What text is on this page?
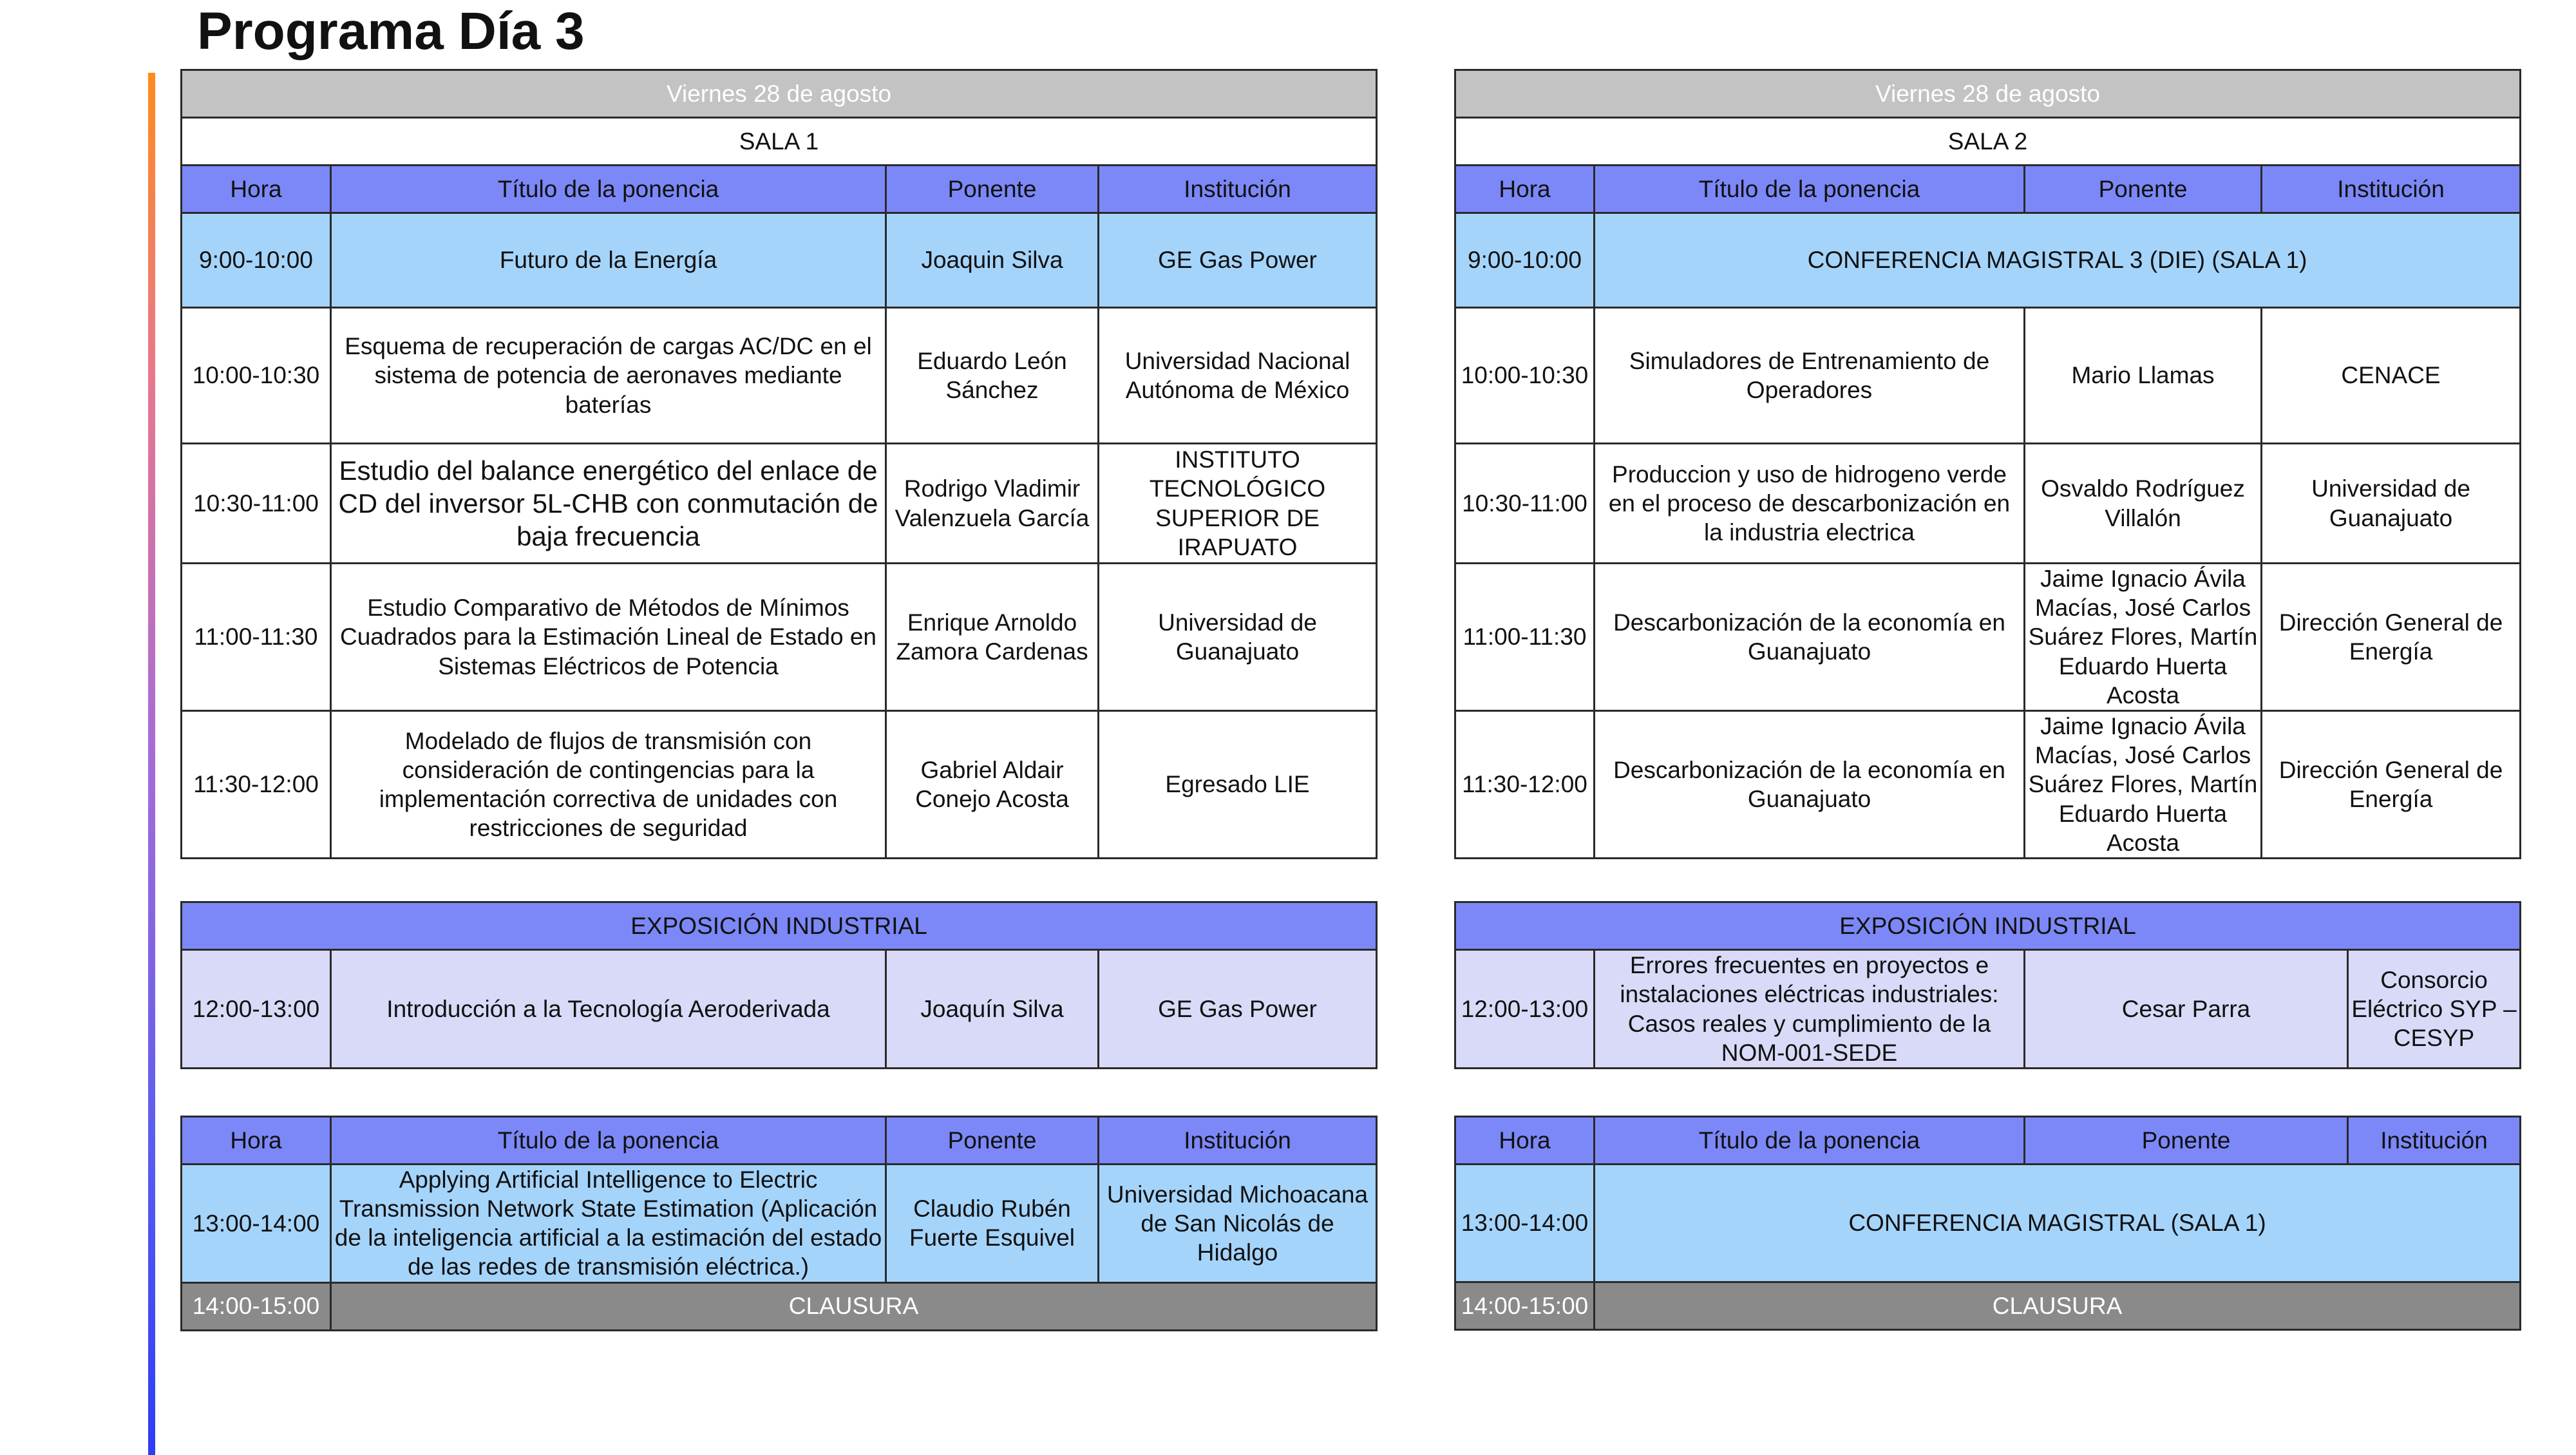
Programa Día 3
Viernes 28 de agosto			
SALA 1			
Hora	Título de la ponencia	Ponente	Institución
9:00-10:00	Futuro de la Energía	Joaquin Silva	GE Gas Power
10:00-10:30	Esquema de recuperación de cargas AC/DC en el sistema de potencia de aeronaves mediante baterías	Eduardo León Sánchez	Universidad Nacional Autónoma de México
10:30-11:00	Estudio del balance energético del enlace de CD del inversor 5L-CHB con conmutación de baja frecuencia	Rodrigo Vladimir Valenzuela García	INSTITUTO TECNOLÓGICO SUPERIOR DE IRAPUATO
11:00-11:30	Estudio Comparativo de Métodos de Mínimos Cuadrados para la Estimación Lineal de Estado en Sistemas Eléctricos de Potencia	Enrique Arnoldo Zamora Cardenas	Universidad de Guanajuato
11:30-12:00	Modelado de flujos de transmisión con consideración de contingencias para la implementación correctiva de unidades con restricciones de seguridad	Gabriel Aldair Conejo Acosta	Egresado LIE
Viernes 28 de agosto			
SALA 2			
Hora	Título de la ponencia	Ponente	Institución
9:00-10:00	CONFERENCIA MAGISTRAL 3 (DIE) (SALA 1)		
10:00-10:30	Simuladores de Entrenamiento de Operadores	Mario Llamas	CENACE
10:30-11:00	Produccion y uso de hidrogeno verde en el proceso de descarbonización en la industria electrica	Osvaldo Rodríguez Villalón	Universidad de Guanajuato
11:00-11:30	Descarbonización de la economía en Guanajuato	Jaime Ignacio Ávila Macías, José Carlos Suárez Flores, Martín Eduardo Huerta Acosta	Dirección General de Energía
11:30-12:00	Descarbonización de la economía en Guanajuato	Jaime Ignacio Ávila Macías, José Carlos Suárez Flores, Martín Eduardo Huerta Acosta	Dirección General de Energía
EXPOSICIÓN INDUSTRIAL
12:00-13:00	Introducción a la Tecnología Aeroderivada	Joaquín Silva	GE Gas Power
EXPOSICIÓN INDUSTRIAL
12:00-13:00	Errores frecuentes en proyectos e instalaciones eléctricas industriales: Casos reales y cumplimiento de la NOM-001-SEDE	Cesar Parra	Consorcio Eléctrico SYP – CESYP
Hora	Título de la ponencia	Ponente	Institución
13:00-14:00	Applying Artificial Intelligence to Electric Transmission Network State Estimation (Aplicación de la inteligencia artificial a la estimación del estado de las redes de transmisión eléctrica.)	Claudio Rubén Fuerte Esquivel	Universidad Michoacana de San Nicolás de Hidalgo
14:00-15:00	CLAUSURA		
Hora	Título de la ponencia	Ponente	Institución
13:00-14:00	CONFERENCIA MAGISTRAL (SALA 1)		
14:00-15:00	CLAUSURA		
